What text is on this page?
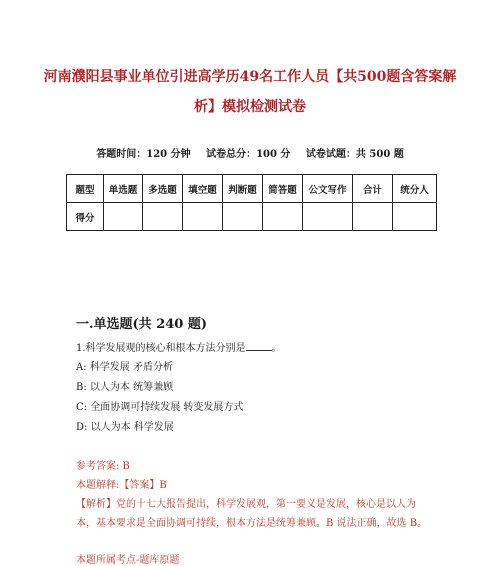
河南濮阳县事业单位引进高学历49名工作人员【共500题含答案解
析】模拟检测试卷
答题时间：120 分钟 试卷总分：100 分 试卷试题：共 500 题
题型	单选题	多选题	填空题	判断题	简答题	公文写作	合计	统分人
得分								
一.单选题(共 240 题)
1.科学发展观的核心和根本方法分别是	。
A: 科学发展 矛盾分析
B: 以人为本 统筹兼顾
C: 全面协调可持续发展 转变发展方式
D: 以人为本 科学发展
参考答案: B
本题解释:【答案】B
【解析】党的十七大报告提出，科学发展观，第一要义是发展，核心是以人为
本，基本要求是全面协调可持续，根本方法是统筹兼顾。B 说法正确，故选 B。
本题所属考点-题库原题
